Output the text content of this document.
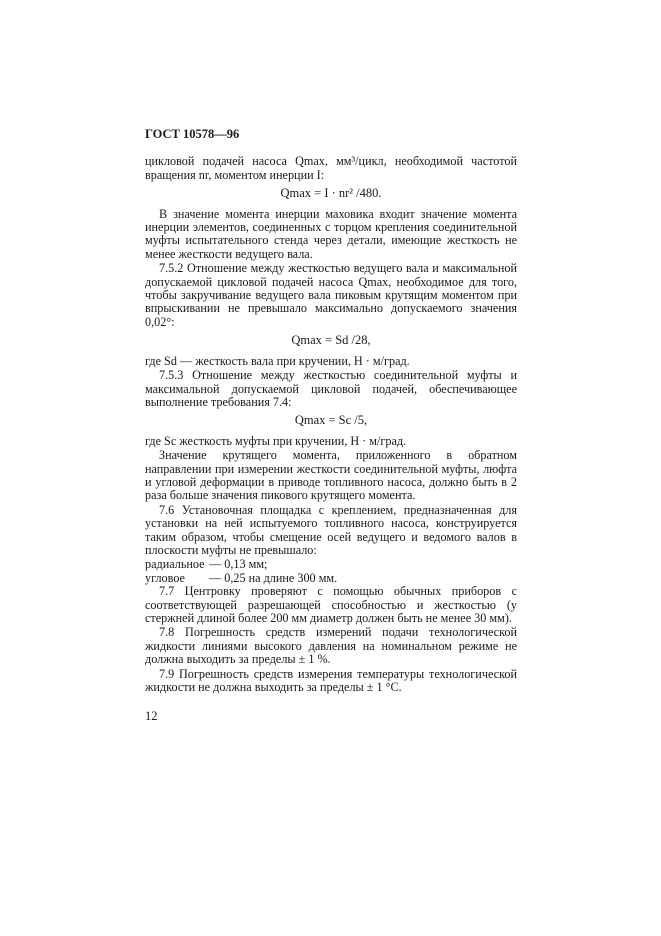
ГОСТ 10578—96

цикловой подачей насоса Qmax, мм³/цикл, необходимой частотой вращения nr, моментом инерции I:

Qmax = I · nr² /480.

В значение момента инерции маховика входит значение момента инерции элементов, соединенных с торцом крепления соединительной муфты испытательного стенда через детали, имеющие жесткость не менее жесткости ведущего вала.

7.5.2 Отношение между жесткостью ведущего вала и максимальной допускаемой цикловой подачей насоса Qmax, необходимое для того, чтобы закручивание ведущего вала пиковым крутящим моментом при впрыскивании не превышало максимально допускаемого значения 0,02°:

Qmax = Sd /28,

где Sd — жесткость вала при кручении, Н · м/град.

7.5.3 Отношение между жесткостью соединительной муфты и максимальной допускаемой цикловой подачей, обеспечивающее выполнение требования 7.4:

Qmax = Sc /5,

где Sc жесткость муфты при кручении, Н · м/град.

Значение крутящего момента, приложенного в обратном направлении при измерении жесткости соединительной муфты, люфта и угловой деформации в приводе топливного насоса, должно быть в 2 раза больше значения пикового крутящего момента.

7.6 Установочная площадка с креплением, предназначенная для установки на ней испытуемого топливного насоса, конструируется таким образом, чтобы смещение осей ведущего и ведомого валов в плоскости муфты не превышало:

радиальное — 0,13 мм;
угловое	— 0,25 на длине 300 мм.

7.7 Центровку проверяют с помощью обычных приборов с соответствующей разрешающей способностью и жесткостью (у стержней длиной более 200 мм диаметр должен быть не менее 30 мм).

7.8 Погрешность средств измерений подачи технологической жидкости линиями высокого давления на номинальном режиме не должна выходить за пределы ± 1 %.

7.9 Погрешность средств измерения температуры технологической жидкости не должна выходить за пределы ± 1 °С.

12
